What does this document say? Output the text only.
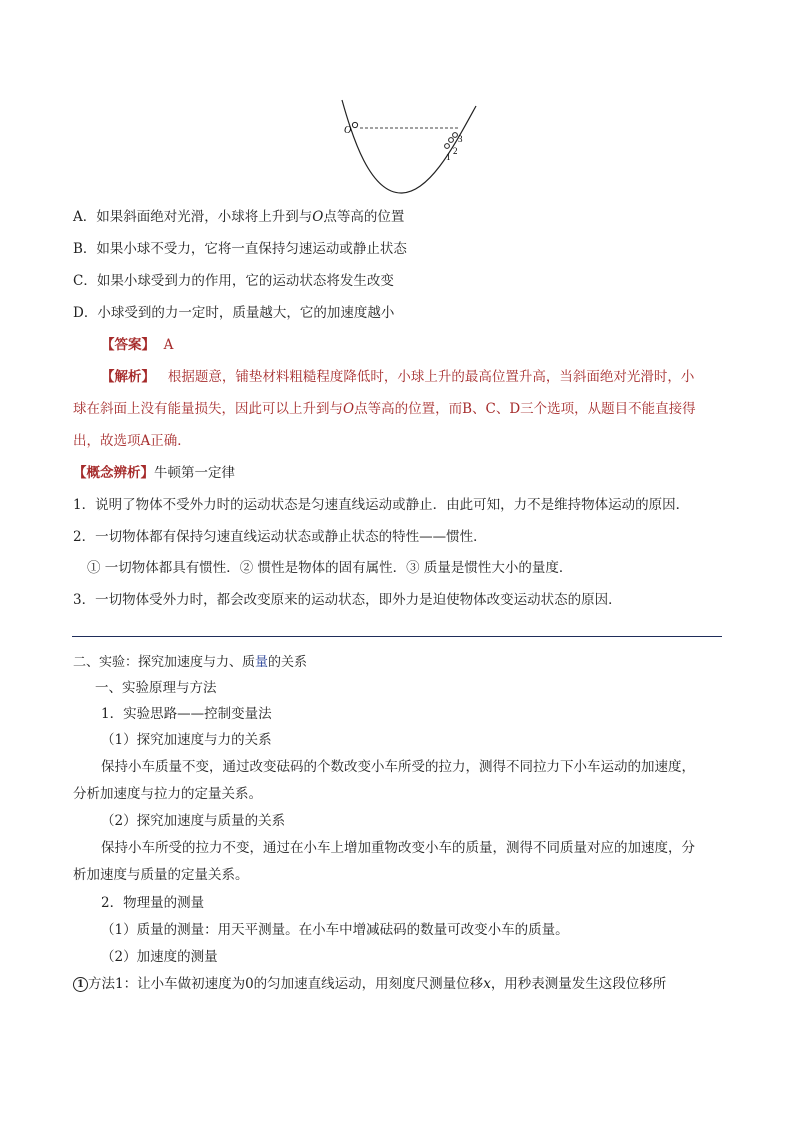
O
1
2
3
A．如果斜面绝对光滑，小球将上升到与O点等高的位置
B．如果小球不受力，它将一直保持匀速运动或静止状态
C．如果小球受到力的作用，它的运动状态将发生改变
D．小球受到的力一定时，质量越大，它的加速度越小
【答案】 A
【解析】 根据题意，铺垫材料粗糙程度降低时，小球上升的最高位置升高，当斜面绝对光滑时，小
球在斜面上没有能量损失，因此可以上升到与O点等高的位置，而B、C、D三个选项，从题目不能直接得
出，故选项A正确．
【概念辨析】牛顿第一定律
1．说明了物体不受外力时的运动状态是匀速直线运动或静止．由此可知，力不是维持物体运动的原因．
2．一切物体都有保持匀速直线运动状态或静止状态的特性——惯性．
① 一切物体都具有惯性．② 惯性是物体的固有属性．③ 质量是惯性大小的量度．
3．一切物体受外力时，都会改变原来的运动状态，即外力是迫使物体改变运动状态的原因．
二、实验：探究加速度与力、质量的关系
一、实验原理与方法
1．实验思路——控制变量法
（1）探究加速度与力的关系
保持小车质量不变，通过改变砝码的个数改变小车所受的拉力，测得不同拉力下小车运动的加速度，
分析加速度与拉力的定量关系。
（2）探究加速度与质量的关系
保持小车所受的拉力不变，通过在小车上增加重物改变小车的质量，测得不同质量对应的加速度，分
析加速度与质量的定量关系。
2．物理量的测量
（1）质量的测量：用天平测量。在小车中增减砝码的数量可改变小车的质量。
（2）加速度的测量
1 方法1：让小车做初速度为0的匀加速直线运动，用刻度尺测量位移x，用秒表测量发生这段位移所
